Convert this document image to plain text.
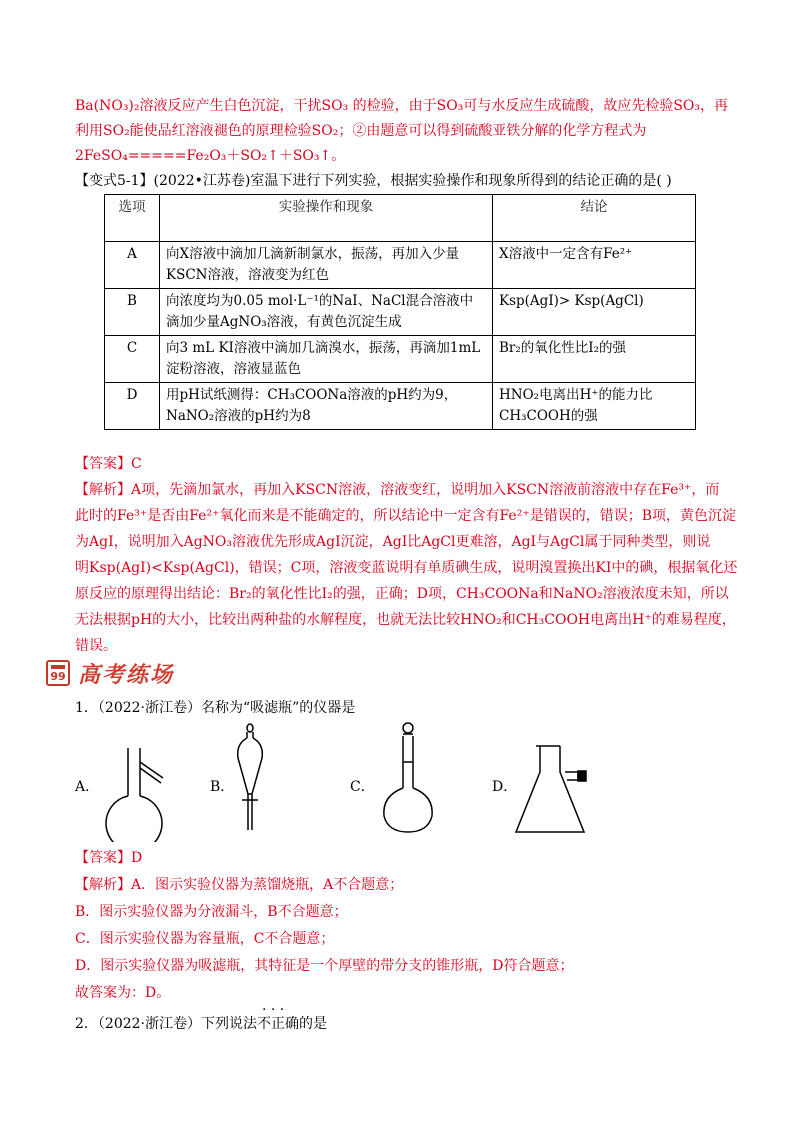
Ba(NO₃)₂溶液反应产生白色沉淀，干扰SO₃ 的检验，由于SO₃可与水反应生成硫酸，故应先检验SO₃，再
利用SO₂能使品红溶液褪色的原理检验SO₂；②由题意可以得到硫酸亚铁分解的化学方程式为
2FeSO₄=====Fe₂O₃＋SO₂↑＋SO₃↑。
【变式5-1】(2022•江苏卷)室温下进行下列实验，根据实验操作和现象所得到的结论正确的是( )
选项	实验操作和现象	结论
A	向X溶液中滴加几滴新制氯水，振荡，再加入少量KSCN溶液，溶液变为红色	X溶液中一定含有Fe²⁺
B	向浓度均为0.05 mol·L⁻¹的NaI、NaCl混合溶液中滴加少量AgNO₃溶液，有黄色沉淀生成	Ksp(AgI)> Ksp(AgCl)
C	向3 mL KI溶液中滴加几滴溴水，振荡，再滴加1mL淀粉溶液，溶液显蓝色	Br₂的氧化性比I₂的强
D	用pH试纸测得：CH₃COONa溶液的pH约为9，NaNO₂溶液的pH约为8	HNO₂电离出H⁺的能力比CH₃COOH的强
【答案】C
【解析】A项，先滴加氯水，再加入KSCN溶液，溶液变红，说明加入KSCN溶液前溶液中存在Fe³⁺，而
此时的Fe³⁺是否由Fe²⁺氧化而来是不能确定的，所以结论中一定含有Fe²⁺是错误的，错误；B项，黄色沉淀
为AgI，说明加入AgNO₃溶液优先形成AgI沉淀，AgI比AgCl更难溶，AgI与AgCl属于同种类型，则说
明Ksp(AgI)<Ksp(AgCl)，错误；C项，溶液变蓝说明有单质碘生成，说明溴置换出KI中的碘，根据氧化还
原反应的原理得出结论：Br₂的氧化性比I₂的强，正确；D项，CH₃COONa和NaNO₂溶液浓度未知，所以
无法根据pH的大小，比较出两种盐的水解程度，也就无法比较HNO₂和CH₃COOH电离出H⁺的难易程度，
错误。
99 高考练场
1．（2022·浙江卷）名称为“吸滤瓶”的仪器是
A．	B．	C．	D．
【答案】D
【解析】A．图示实验仪器为蒸馏烧瓶，A不合题意；
B．图示实验仪器为分液漏斗，B不合题意；
C．图示实验仪器为容量瓶，C不合题意；
D．图示实验仪器为吸滤瓶，其特征是一个厚壁的带分支的锥形瓶，D符合题意；
故答案为：D。
· · ·
2．（2022·浙江卷）下列说法不正确的是
